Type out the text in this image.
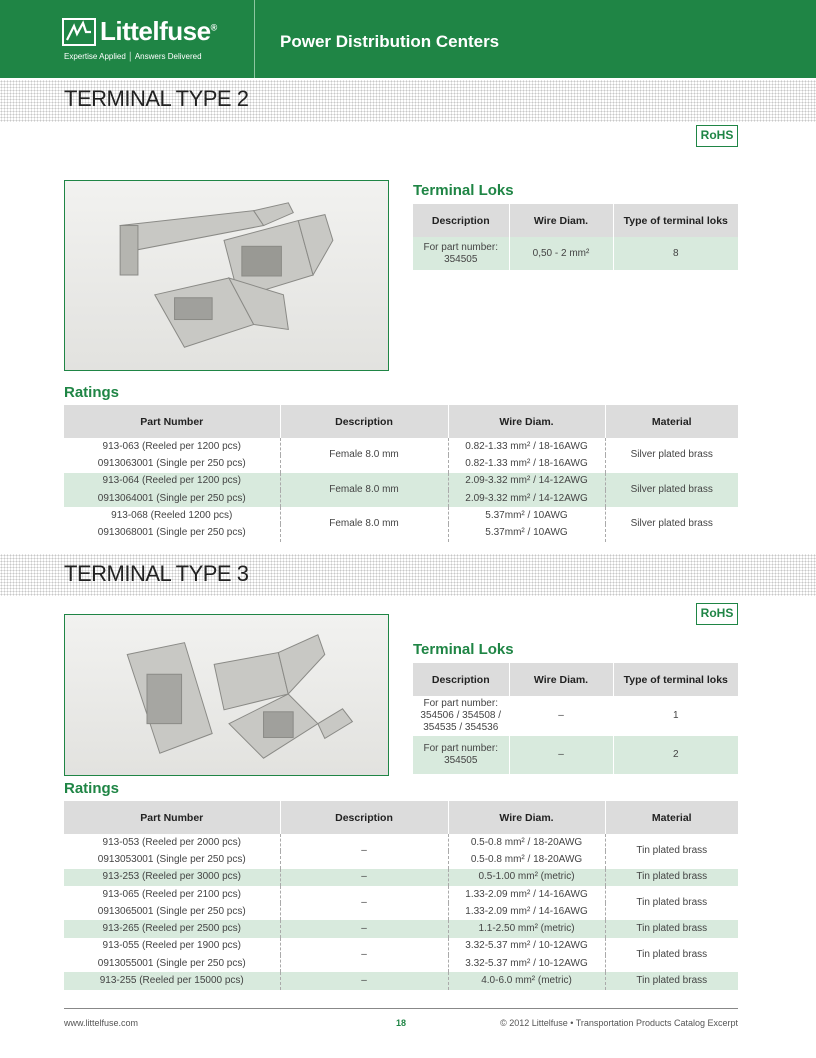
Littelfuse®
Expertise Applied │ Answers Delivered
Power Distribution Centers
TERMINAL TYPE 2
RoHS
Terminal Loks
Description	Wire Diam.	Type of terminal loks
For part number: 354505	0,50 - 2 mm²	8
Ratings
Part Number	Description	Wire Diam.	Material
913-063 (Reeled per 1200 pcs)	Female 8.0 mm	0.82-1.33 mm² / 18-16AWG	Silver plated brass
0913063001 (Single per 250 pcs)		0.82-1.33 mm² / 18-16AWG	
913-064 (Reeled per 1200 pcs)	Female 8.0 mm	2.09-3.32 mm² / 14-12AWG	Silver plated brass
0913064001 (Single per 250 pcs)		2.09-3.32 mm² / 14-12AWG	
913-068 (Reeled 1200 pcs)	Female 8.0 mm	5.37mm² / 10AWG	Silver plated brass
0913068001 (Single per 250 pcs)		5.37mm² / 10AWG	
TERMINAL TYPE 3
RoHS
Terminal Loks
Description	Wire Diam.	Type of terminal loks
For part number: 354506 / 354508 / 354535 / 354536	–	1
For part number: 354505	–	2
Ratings
Part Number	Description	Wire Diam.	Material
913-053 (Reeled per 2000 pcs)	–	0.5-0.8 mm² / 18-20AWG	Tin plated brass
0913053001 (Single per 250 pcs)		0.5-0.8 mm² / 18-20AWG	
913-253 (Reeled per 3000 pcs)	–	0.5-1.00 mm² (metric)	Tin plated brass
913-065 (Reeled per 2100 pcs)	–	1.33-2.09 mm² / 14-16AWG	Tin plated brass
0913065001 (Single per 250 pcs)		1.33-2.09 mm² / 14-16AWG	
913-265 (Reeled per 2500 pcs)	–	1.1-2.50 mm² (metric)	Tin plated brass
913-055 (Reeled per 1900 pcs)	–	3.32-5.37 mm² / 10-12AWG	Tin plated brass
0913055001 (Single per 250 pcs)		3.32-5.37 mm² / 10-12AWG	
913-255 (Reeled per 15000 pcs)	–	4.0-6.0 mm² (metric)	Tin plated brass
www.littelfuse.com	18	© 2012 Littelfuse • Transportation Products Catalog Excerpt
